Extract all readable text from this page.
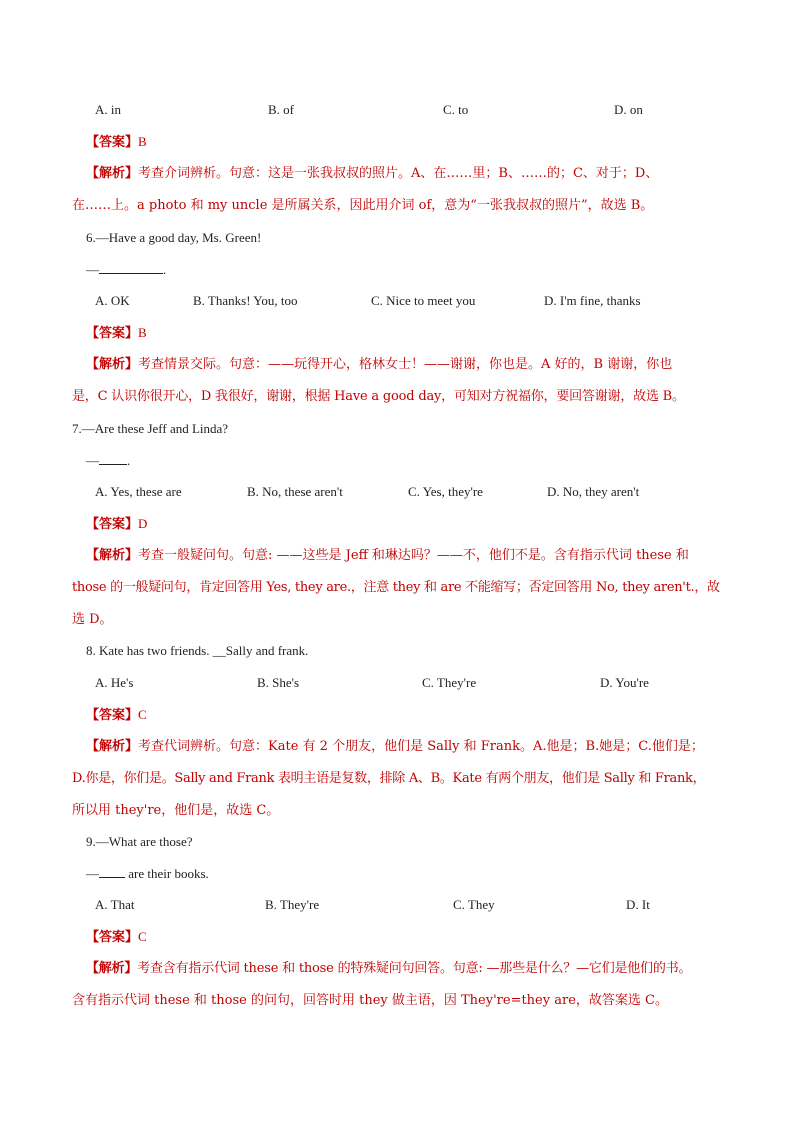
A. in	B. of	C. to	D. on
【答案】B
【解析】考查介词辨析。句意：这是一张我叔叔的照片。A、在……里；B、……的；C、对于；D、
在……上。a photo 和 my uncle 是所属关系，因此用介词 of，意为“一张我叔叔的照片”，故选 B。
6.—Have a good day, Ms. Green!
—	.
A. OK	B. Thanks! You, too	C. Nice to meet you	D. I'm fine, thanks
【答案】B
【解析】考查情景交际。句意：——玩得开心，格林女士！——谢谢，你也是。A 好的，B 谢谢，你也
是，C 认识你很开心，D 我很好，谢谢，根据 Have a good day，可知对方祝福你，要回答谢谢，故选 B。
7.—Are these Jeff and Linda?
— .
A. Yes, these are	B. No, these aren't	C. Yes, they're	D. No, they aren't
【答案】D
【解析】考查一般疑问句。句意: ——这些是 Jeff 和琳达吗？——不，他们不是。含有指示代词 these 和
those 的一般疑问句，肯定回答用 Yes, they are.，注意 they 和 are 不能缩写；否定回答用 No, they aren't.，故
选 D。
8. Kate has two friends. __Sally and frank.
A. He's	B. She's	C. They're	D. You're
【答案】C
【解析】考查代词辨析。句意：Kate 有 2 个朋友，他们是 Sally 和 Frank。A.他是；B.她是；C.他们是；
D.你是，你们是。Sally and Frank 表明主语是复数，排除 A、B。Kate 有两个朋友，他们是 Sally 和 Frank，
所以用 they're，他们是，故选 C。
9.—What are those?
— are their books.
A. That	B. They're	C. They	D. It
【答案】C
【解析】考查含有指示代词 these 和 those 的特殊疑问句回答。句意: —那些是什么？—它们是他们的书。
含有指示代词 these 和 those 的问句，回答时用 they 做主语，因 They're=they are，故答案选 C。
